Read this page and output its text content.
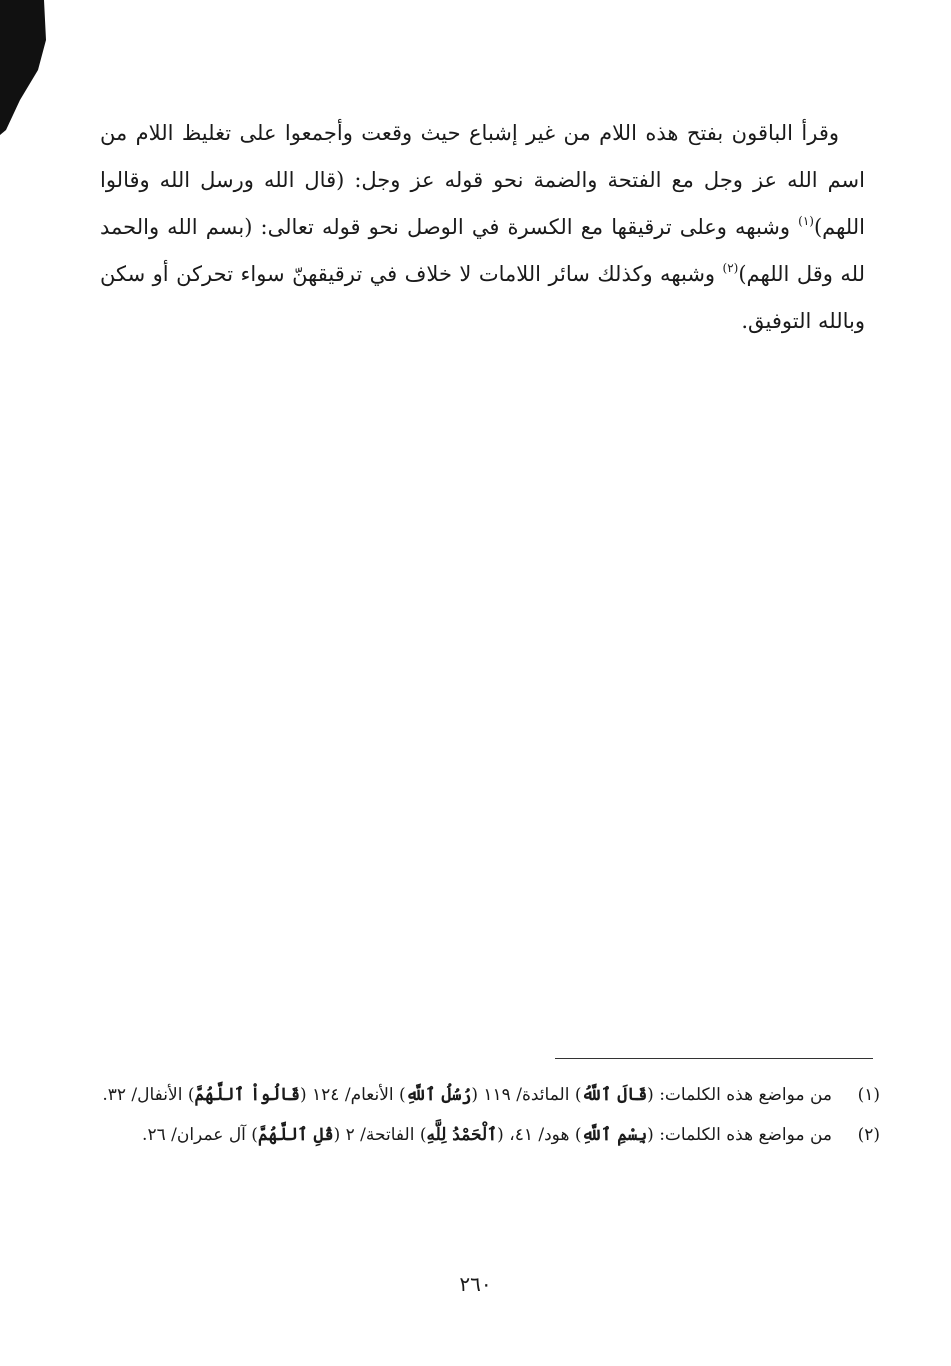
وقرأ الباقون بفتح هذه اللام من غير إشباع حيث وقعت وأجمعوا على تغليظ اللام من اسم الله عز وجل مع الفتحة والضمة نحو قوله عز وجل: (قال الله ورسل الله وقالوا اللهم)$^{(١)}$ وشبهه وعلى ترقيقها مع الكسرة في الوصل نحو قوله تعالى: (بسم الله والحمد لله وقل اللهم)$^{(٢)}$ وشبهه وكذلك سائر اللامات لا خلاف في ترقيقهنّ سواء تحركن أو سكن وبالله التوفيق.

(١)
من مواضع هذه الكلمات: (قَالَ ٱللَّهُ) المائدة/ ١١٩ (رُسُلُ ٱللَّهِ) الأنعام/ ١٢٤ (قَالُواْ ٱللَّهُمَّ) الأنفال/ ٣٢.
(٢)
من مواضع هذه الكلمات: (بِسْمِ ٱللَّهِ) هود/ ٤١، (ٱلْحَمْدُ لِلَّهِ) الفاتحة/ ٢ (قُلِ ٱللَّهُمَّ) آل عمران/ ٢٦.
٢٦٠
